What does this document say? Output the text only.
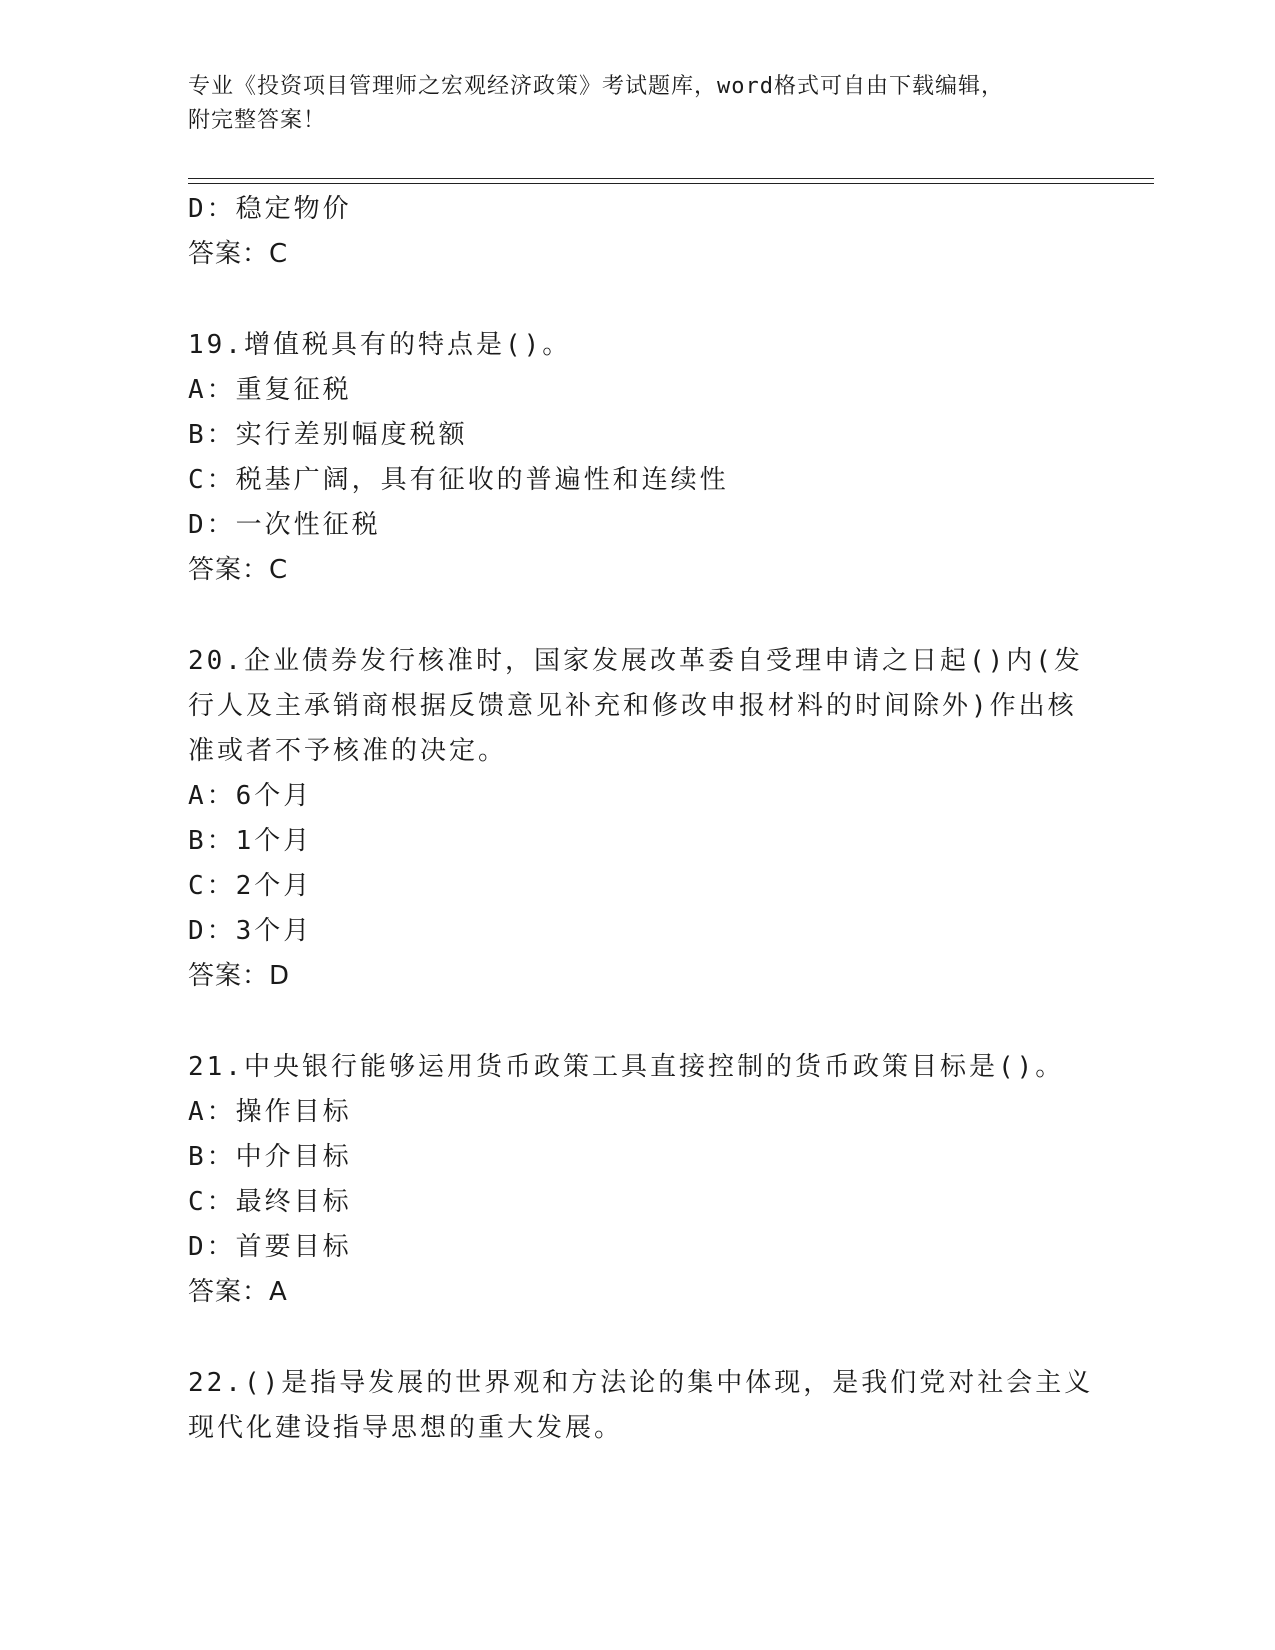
专业《投资项目管理师之宏观经济政策》考试题库，word格式可自由下载编辑，
附完整答案！
D：稳定物价
答案：C
19.增值税具有的特点是()。
A：重复征税
B：实行差别幅度税额
C：税基广阔，具有征收的普遍性和连续性
D：一次性征税
答案：C
20.企业债券发行核准时，国家发展改革委自受理申请之日起()内(发
行人及主承销商根据反馈意见补充和修改申报材料的时间除外)作出核
准或者不予核准的决定。
A：6个月
B：1个月
C：2个月
D：3个月
答案：D
21.中央银行能够运用货币政策工具直接控制的货币政策目标是()。
A：操作目标
B：中介目标
C：最终目标
D：首要目标
答案：A
22.()是指导发展的世界观和方法论的集中体现，是我们党对社会主义
现代化建设指导思想的重大发展。
